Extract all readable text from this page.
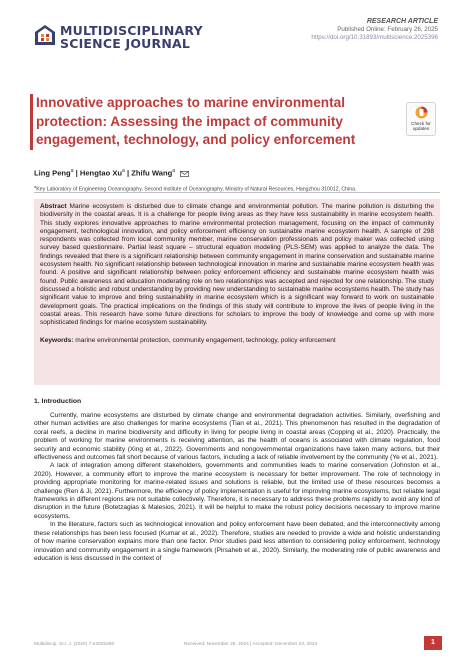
MULTIDISCIPLINARY
SCIENCE JOURNAL
RESEARCH ARTICLE
Published Online: February 26, 2025
https://doi.org/10.31893/multiscience.2025396
Innovative approaches to marine environmental protection: Assessing the impact of community engagement, technology, and policy enforcement
Check for
updates
Ling Peng$^a$ | Hengtao Xu$^a$ | Zhifu Wang$^a$
$^a$Key Laboratory of Engineering Oceanography, Second Institute of Oceanography, Ministry of Natural Resources, Hangzhou 310012, China.
Abstract Marine ecosystem is disturbed due to climate change and environmental pollution. The marine pollution is disturbing the biodiversity in the coastal areas. It is a challenge for people living areas as they have less sustainability in marine ecosystem health. This study explores innovative approaches to marine environmental protection management, focusing on the impact of community engagement, technological innovation, and policy enforcement efficiency on sustainable marine ecosystem health. A sample of 298 respondents was collected from local community member, marine conservation professionals and policy maker was collected using survey based questionnaire. Partial least square – structural equation modeling (PLS-SEM) was applied to analyze the data. The findings revealed that there is a significant relationship between community engagement in marine conservation and sustainable marine ecosystem health. No significant relationship between technological innovation in marine and sustainable marine ecosystem health was found. A positive and significant relationship between policy enforcement efficiency and sustainable marine ecosystem health was found. Public awareness and education moderating role on two relationships was accepted and rejected for one relationship. The study discussed a holistic and robust understanding by providing new understanding to sustainable marine ecosystems health. The study has significant value to improve and bring sustainability in marine ecosystem which is a significant way forward to work on sustainable development goals. The practical implications on the findings of this study will contribute to improve the lives of people living in the coastal areas. This research have some future directions for scholars to improve the body of knowledge and come up with more sophisticated findings for marine ecosystem sustainability.
Keywords: marine environmental protection, community engagement, technology, policy enforcement
1. Introduction

Currently, marine ecosystems are disturbed by climate change and environmental degradation activities. Similarly, overfishing and other human activities are also challenges for marine ecosystems (Tian et al., 2021). This phenomenon has resulted in the degradation of coral reefs, a decline in marine biodiversity and difficulty in living for people living in coastal areas (Copping et al., 2020). Practically, the problem of working for marine environments is receiving attention, as the health of oceans is associated with climate regulation, food security and economic stability (Xing et al., 2022). Governments and nongovernmental organizations have taken many actions, but their effectiveness and outcomes fall short because of various factors, including a lack of reliable involvement by the community (Ye et al., 2021).

A lack of integration among different stakeholders, governments and communities leads to marine conservation (Johnston et al., 2020). However, a community effort to improve the marine ecosystem is necessary for better improvement. The role of technology in providing appropriate monitoring for marine-related issues and solutions is reliable, but the limited use of these resources becomes a challenge (Ren & Ji, 2021). Furthermore, the efficiency of policy implementation is useful for improving marine ecosystems, but reliable legal frameworks in different regions are not suitable collectively. Therefore, it is necessary to address these problems rapidly to avoid any kind of disruption in the future (Botetzagias & Malesios, 2021). It will be helpful to make the robust policy decisions necessary to improve marine ecosystems.

In the literature, factors such as technological innovation and policy enforcement have been debated, and the interconnectivity among these relationships has been less focused (Kumar et al., 2022). Therefore, studies are needed to provide a wide and holistic understanding of how marine conservation explains more than one factor. Prior studies paid less attention to considering policy enforcement, technology innovation and community engagement in a single framework (Pirsaheb et al., 2020). Similarly, the moderating role of public awareness and education is less discussed in the context of

Multidiscip. Sci. J. (2025) 7:e2025396	Received: November 28, 2024 | Accepted: December 23, 2024	1
